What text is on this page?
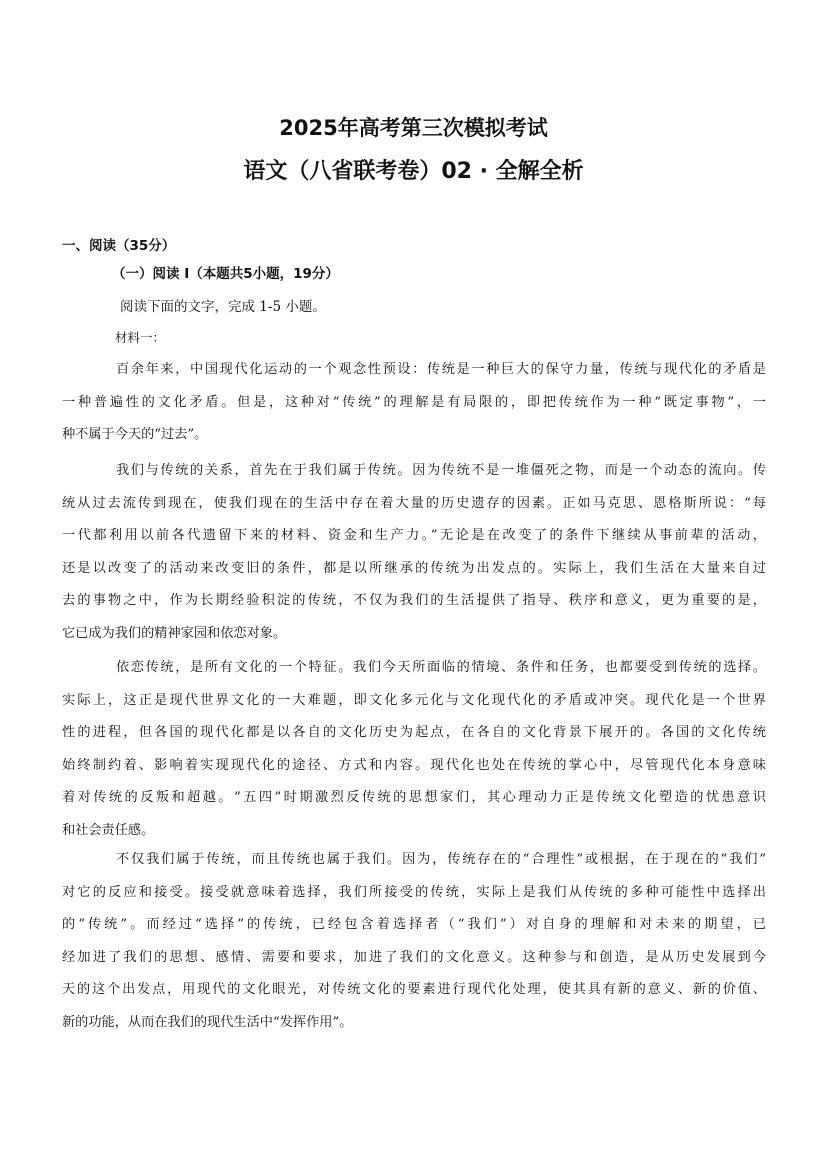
2025年高考第三次模拟考试
语文（八省联考卷）02 · 全解全析
一、阅读（35分）
（一）阅读 I（本题共5小题，19分）
阅读下面的文字，完成 1-5 小题。
材料一：
百余年来，中国现代化运动的一个观念性预设：传统是一种巨大的保守力量，传统与现代化的矛盾是
一种普遍性的文化矛盾。但是，这种对“传统”的理解是有局限的，即把传统作为一种“既定事物”，一
种不属于今天的“过去”。
我们与传统的关系，首先在于我们属于传统。因为传统不是一堆僵死之物，而是一个动态的流向。传
统从过去流传到现在，使我们现在的生活中存在着大量的历史遗存的因素。正如马克思、恩格斯所说：“每
一代都利用以前各代遗留下来的材料、资金和生产力。”无论是在改变了的条件下继续从事前辈的活动，
还是以改变了的活动来改变旧的条件，都是以所继承的传统为出发点的。实际上，我们生活在大量来自过
去的事物之中，作为长期经验积淀的传统，不仅为我们的生活提供了指导、秩序和意义，更为重要的是，
它已成为我们的精神家园和依恋对象。
依恋传统，是所有文化的一个特征。我们今天所面临的情境、条件和任务，也都要受到传统的选择。
实际上，这正是现代世界文化的一大难题，即文化多元化与文化现代化的矛盾或冲突。现代化是一个世界
性的进程，但各国的现代化都是以各自的文化历史为起点，在各自的文化背景下展开的。各国的文化传统
始终制约着、影响着实现现代化的途径、方式和内容。现代化也处在传统的掌心中，尽管现代化本身意味
着对传统的反叛和超越。“五四”时期激烈反传统的思想家们，其心理动力正是传统文化塑造的忧患意识
和社会责任感。
不仅我们属于传统，而且传统也属于我们。因为，传统存在的“合理性”或根据，在于现在的“我们”
对它的反应和接受。接受就意味着选择，我们所接受的传统，实际上是我们从传统的多种可能性中选择出
的“传统”。而经过“选择”的传统，已经包含着选择者（“我们”）对自身的理解和对未来的期望，已
经加进了我们的思想、感情、需要和要求，加进了我们的文化意义。这种参与和创造，是从历史发展到今
天的这个出发点，用现代的文化眼光，对传统文化的要素进行现代化处理，使其具有新的意义、新的价值、
新的功能，从而在我们的现代生活中“发挥作用”。
